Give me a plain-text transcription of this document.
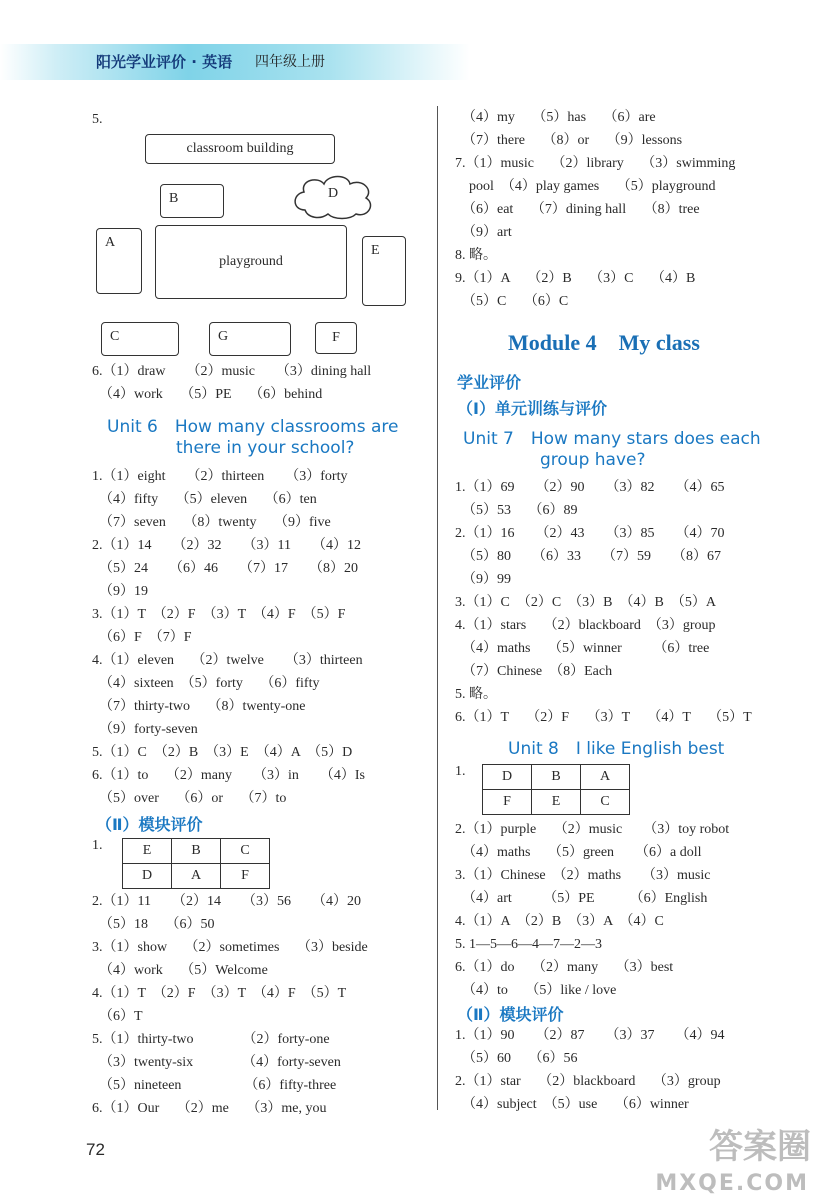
阳光学业评价 · 英语 四年级上册
5.
classroom building
B	D
A
playground
E
C	G	F
6.（1）draw　　（2）music　　（3）dining hall
　（4）work　 （5）PE　 （6）behind
Unit 6　How many classrooms are
there in your school?
1.（1）eight　　（2）thirteen　　（3）forty
　（4）fifty　 （5）eleven　 （6）ten
　（7）seven　 （8）twenty　 （9）five
2.（1）14　　（2）32　　（3）11　　（4）12
　（5）24　　（6）46　　（7）17　　（8）20
　（9）19
3.（1）T　（2）F　（3）T　（4）F　（5）F
　（6）F　（7）F
4.（1）eleven　 （2）twelve　　（3）thirteen
　（4）sixteen　（5）forty　 （6）fifty
　（7）thirty-two　 （8）twenty-one
　（9）forty-seven
5.（1）C　（2）B　（3）E　（4）A　（5）D
6.（1）to　 （2）many　　（3）in　　（4）Is
　（5）over　 （6）or　 （7）to
（Ⅱ）模块评价
1.	E	B	C
D	A	F
2.（1）11　　（2）14　　（3）56　　（4）20
　（5）18　 （6）50
3.（1）show　 （2）sometimes　 （3）beside
　（4）work　 （5）Welcome
4.（1）T　（2）F　（3）T　（4）F　（5）T
　（6）T
5.（1）thirty-two　　　　（2）forty-one
　（3）twenty-six　　　　（4）forty-seven
　（5）nineteen　　　　　（6）fifty-three
6.（1）Our　 （2）me　 （3）me, you
　（4）my　 （5）has　 （6）are
　（7）there　 （8）or　 （9）lessons
7.（1）music　 （2）library　 （3）swimming
　pool　（4）play games　 （5）playground
　（6）eat　 （7）dining hall　 （8）tree
　（9）art
8. 略。
9.（1）A　 （2）B　 （3）C　 （4）B
　（5）C　 （6）C
Module 4　My class
学业评价
（Ⅰ）单元训练与评价
Unit 7　How many stars does each
group have?
1.（1）69　　（2）90　　（3）82　　（4）65
　（5）53　 （6）89
2.（1）16　　（2）43　　（3）85　　（4）70
　（5）80　　（6）33　　（7）59　　（8）67
　（9）99
3.（1）C　（2）C　（3）B　（4）B　（5）A
4.（1）stars　 （2）blackboard　（3）group
　（4）maths　 （5）winner　　 （6）tree
　（7）Chinese　（8）Each
5. 略。
6.（1）T　 （2）F　 （3）T　 （4）T　 （5）T
Unit 8　I like English best
1.	D	B	A
F	E	C
2.（1）purple　 （2）music　　（3）toy robot
　（4）maths　 （5）green　　（6）a doll
3.（1）Chinese　（2）maths　　（3）music
　（4）art　　 （5）PE　　　（6）English
4.（1）A　（2）B　（3）A　（4）C
5. 1—5—6—4—7—2—3
6.（1）do　 （2）many　 （3）best
　（4）to　 （5）like / love
（Ⅱ）模块评价
1.（1）90　　（2）87　　（3）37　　（4）94
　（5）60　 （6）56
2.（1）star　 （2）blackboard　 （3）group
　（4）subject　（5）use　 （6）winner
72	答案圈
MXQE.COM
